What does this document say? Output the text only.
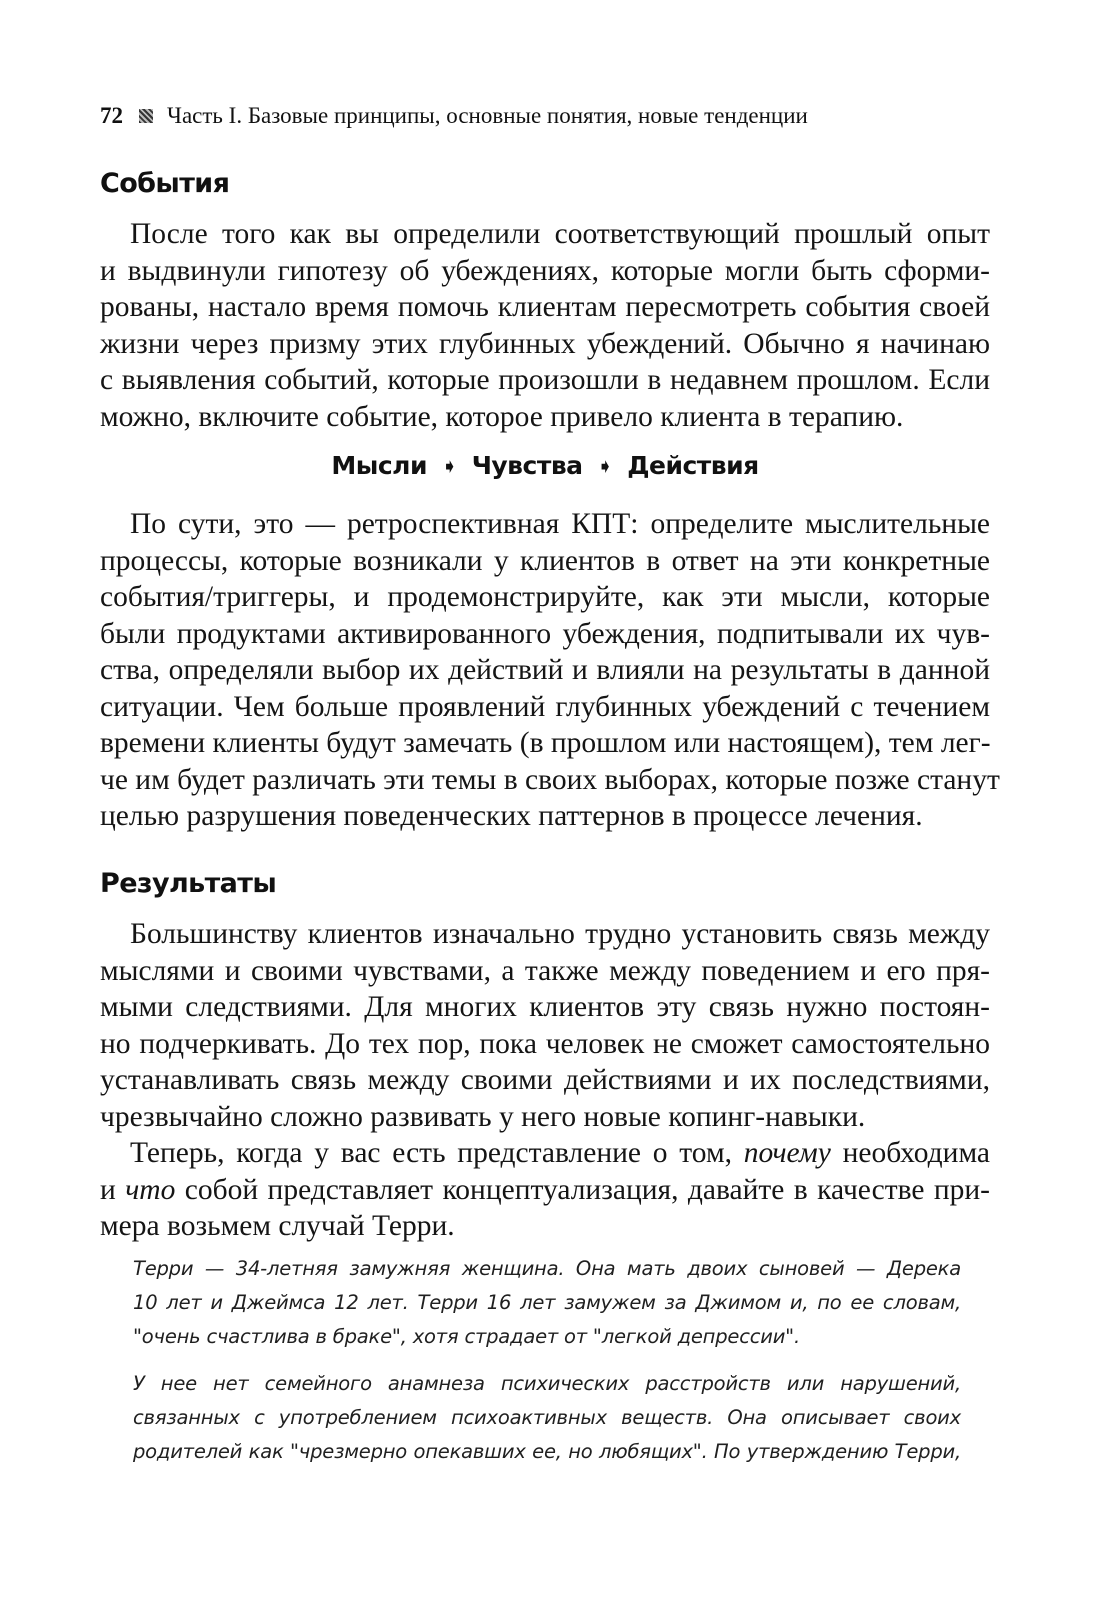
72 Часть I. Базовые принципы, основные понятия, новые тенденции
События
После того как вы определили соответствующий прошлый опыт
и выдвинули гипотезу об убеждениях, которые могли быть сформи-
рованы, настало время помочь клиентам пересмотреть события своей
жизни через призму этих глубинных убеждений. Обычно я начинаю
с выявления событий, которые произошли в недавнем прошлом. Если
можно, включите событие, которое привело клиента в терапию.
Мысли ➧ Чувства ➧ Действия
По сути, это — ретроспективная КПТ: определите мыслительные
процессы, которые возникали у клиентов в ответ на эти конкретные
события/триггеры, и продемонстрируйте, как эти мысли, которые
были продуктами активированного убеждения, подпитывали их чув-
ства, определяли выбор их действий и влияли на результаты в данной
ситуации. Чем больше проявлений глубинных убеждений с течением
времени клиенты будут замечать (в прошлом или настоящем), тем лег-
че им будет различать эти темы в своих выборах, которые позже станут
целью разрушения поведенческих паттернов в процессе лечения.
Результаты
Большинству клиентов изначально трудно установить связь между
мыслями и своими чувствами, а также между поведением и его пря-
мыми следствиями. Для многих клиентов эту связь нужно постоян-
но подчеркивать. До тех пор, пока человек не сможет самостоятельно
устанавливать связь между своими действиями и их последствиями,
чрезвычайно сложно развивать у него новые копинг-навыки.
Теперь, когда у вас есть представление о том, почему необходима
и что собой представляет концептуализация, давайте в качестве при-
мера возьмем случай Терри.
Терри — 34-летняя замужняя женщина. Она мать двоих сыновей — Дерека
10 лет и Джеймса 12 лет. Терри 16 лет замужем за Джимом и, по ее словам,
"очень счастлива в браке", хотя страдает от "легкой депрессии".
У нее нет семейного анамнеза психических расстройств или нарушений,
связанных с употреблением психоактивных веществ. Она описывает своих
родителей как "чрезмерно опекавших ее, но любящих". По утверждению Терри,
